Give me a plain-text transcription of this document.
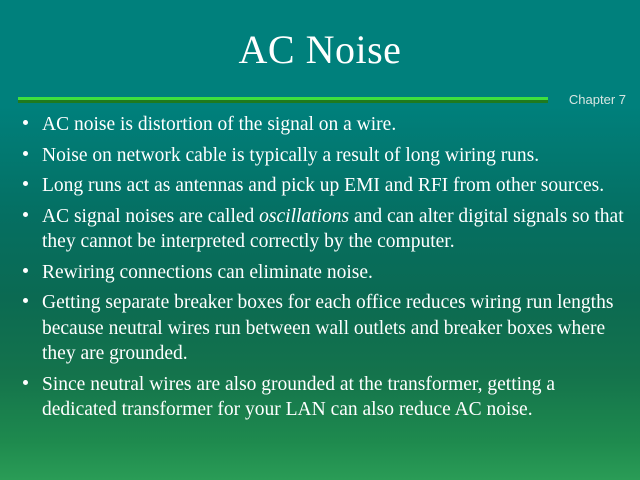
AC Noise
Chapter 7
AC noise is distortion of the signal on a wire.
Noise on network cable is typically a result of long wiring runs.
Long runs act as antennas and pick up EMI and RFI from other sources.
AC signal noises are called oscillations and can alter digital signals so that they cannot be interpreted correctly by the computer.
Rewiring connections can eliminate noise.
Getting separate breaker boxes for each office reduces wiring run lengths because neutral wires run between wall outlets and breaker boxes where they are grounded.
Since neutral wires are also grounded at the transformer, getting a dedicated transformer for your LAN can also reduce AC noise.
